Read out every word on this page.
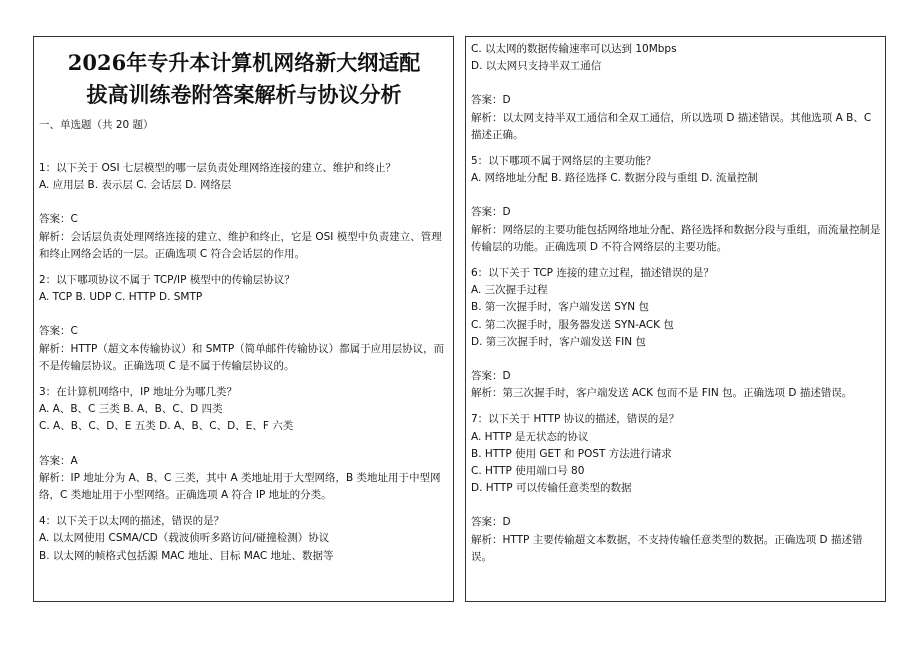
2026年专升本计算机网络新大纲适配
拔高训练卷附答案解析与协议分析
一、单选题（共 20 题）

1：以下关于 OSI 七层模型的哪一层负责处理网络连接的建立、维护和终止？

A. 应用层 B. 表示层 C. 会话层 D. 网络层

答案：C

解析：会话层负责处理网络连接的建立、维护和终止，它是 OSI 模型中负责建立、管理和终止网络会话的一层。正确选项 C 符合会话层的作用。

2：以下哪项协议不属于 TCP/IP 模型中的传输层协议？

A. TCP B. UDP C. HTTP D. SMTP

答案：C

解析：HTTP（超文本传输协议）和 SMTP（简单邮件传输协议）都属于应用层协议，而不是传输层协议。正确选项 C 是不属于传输层协议的。

3：在计算机网络中，IP 地址分为哪几类？

A. A、B、C 三类 B. A、B、C、D 四类

C. A、B、C、D、E 五类 D. A、B、C、D、E、F 六类

答案：A

解析：IP 地址分为 A、B、C 三类，其中 A 类地址用于大型网络，B 类地址用于中型网络，C 类地址用于小型网络。正确选项 A 符合 IP 地址的分类。

4：以下关于以太网的描述，错误的是？

A. 以太网使用 CSMA/CD（载波侦听多路访问/碰撞检测）协议

B. 以太网的帧格式包括源 MAC 地址、目标 MAC 地址、数据等

C. 以太网的数据传输速率可以达到 10Mbps

D. 以太网只支持半双工通信

答案：D

解析：以太网支持半双工通信和全双工通信，所以选项 D 描述错误。其他选项 A B、C 描述正确。

5：以下哪项不属于网络层的主要功能？

A. 网络地址分配 B. 路径选择 C. 数据分段与重组 D. 流量控制

答案：D

解析：网络层的主要功能包括网络地址分配、路径选择和数据分段与重组，而流量控制是传输层的功能。正确选项 D 不符合网络层的主要功能。

6：以下关于 TCP 连接的建立过程，描述错误的是？

A. 三次握手过程

B. 第一次握手时，客户端发送 SYN 包

C. 第二次握手时，服务器发送 SYN-ACK 包

D. 第三次握手时，客户端发送 FIN 包

答案：D

解析：第三次握手时，客户端发送 ACK 包而不是 FIN 包。正确选项 D 描述错误。

7：以下关于 HTTP 协议的描述，错误的是？

A. HTTP 是无状态的协议

B. HTTP 使用 GET 和 POST 方法进行请求

C. HTTP 使用端口号 80

D. HTTP 可以传输任意类型的数据

答案：D

解析：HTTP 主要传输超文本数据，不支持传输任意类型的数据。正确选项 D 描述错误。
